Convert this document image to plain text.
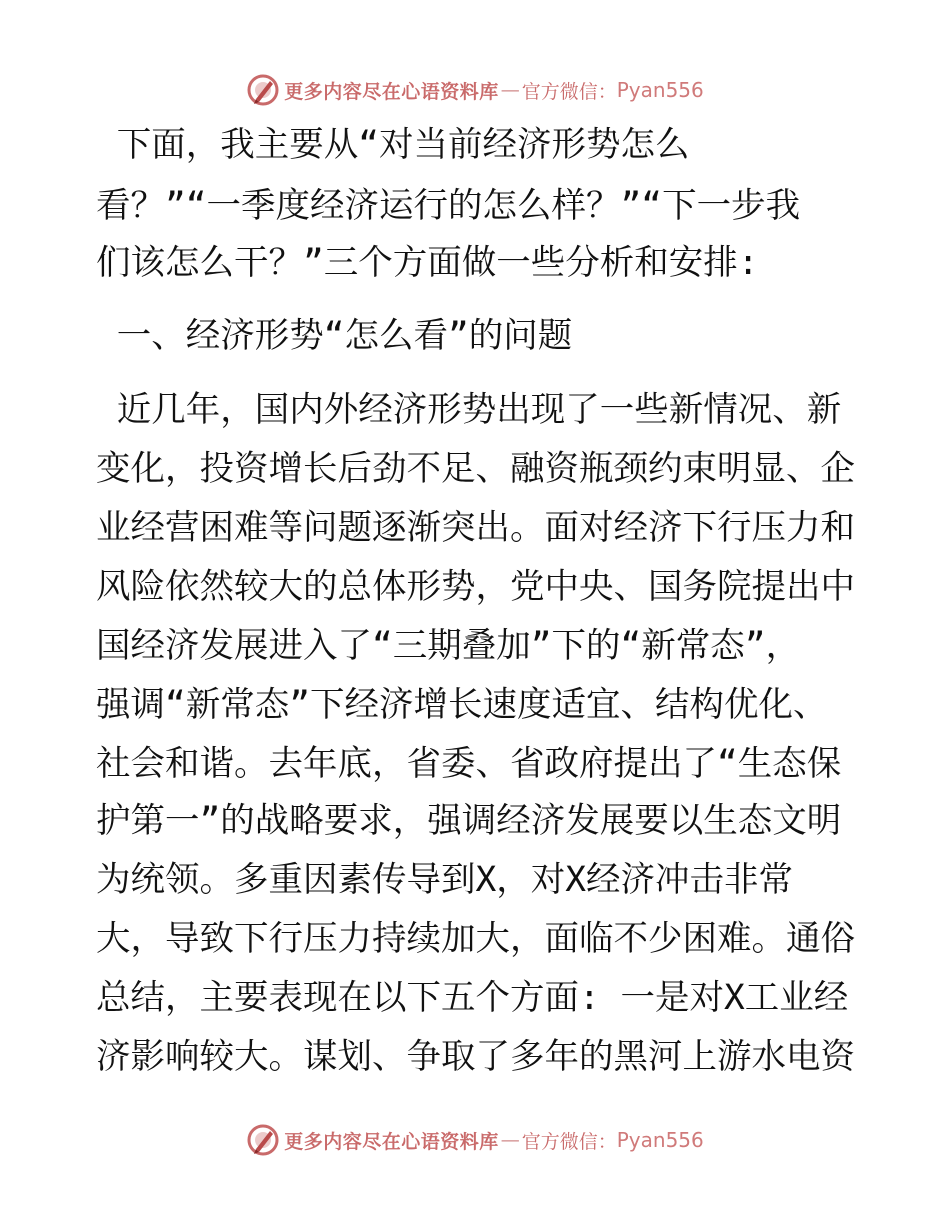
更多内容尽在心语资料库 — 官方微信： Pyan556
下面，我主要从“对当前经济形势怎么
看？”“一季度经济运行的怎么样？”“下一步我
们该怎么干？”三个方面做一些分析和安排:
一、经济形势“怎么看”的问题
近几年，国内外经济形势出现了一些新情况、新
变化，投资增长后劲不足、融资瓶颈约束明显、企
业经营困难等问题逐渐突出。面对经济下行压力和
风险依然较大的总体形势，党中央、国务院提出中
国经济发展进入了“三期叠加”下的“新常态”，
强调“新常态”下经济增长速度适宜、结构优化、
社会和谐。去年底，省委、省政府提出了“生态保
护第一”的战略要求，强调经济发展要以生态文明
为统领。多重因素传导到X，对X经济冲击非常
大，导致下行压力持续加大，面临不少困难。通俗
总结，主要表现在以下五个方面: 一是对X工业经
济影响较大。谋划、争取了多年的黑河上游水电资
更多内容尽在心语资料库 — 官方微信： Pyan556
